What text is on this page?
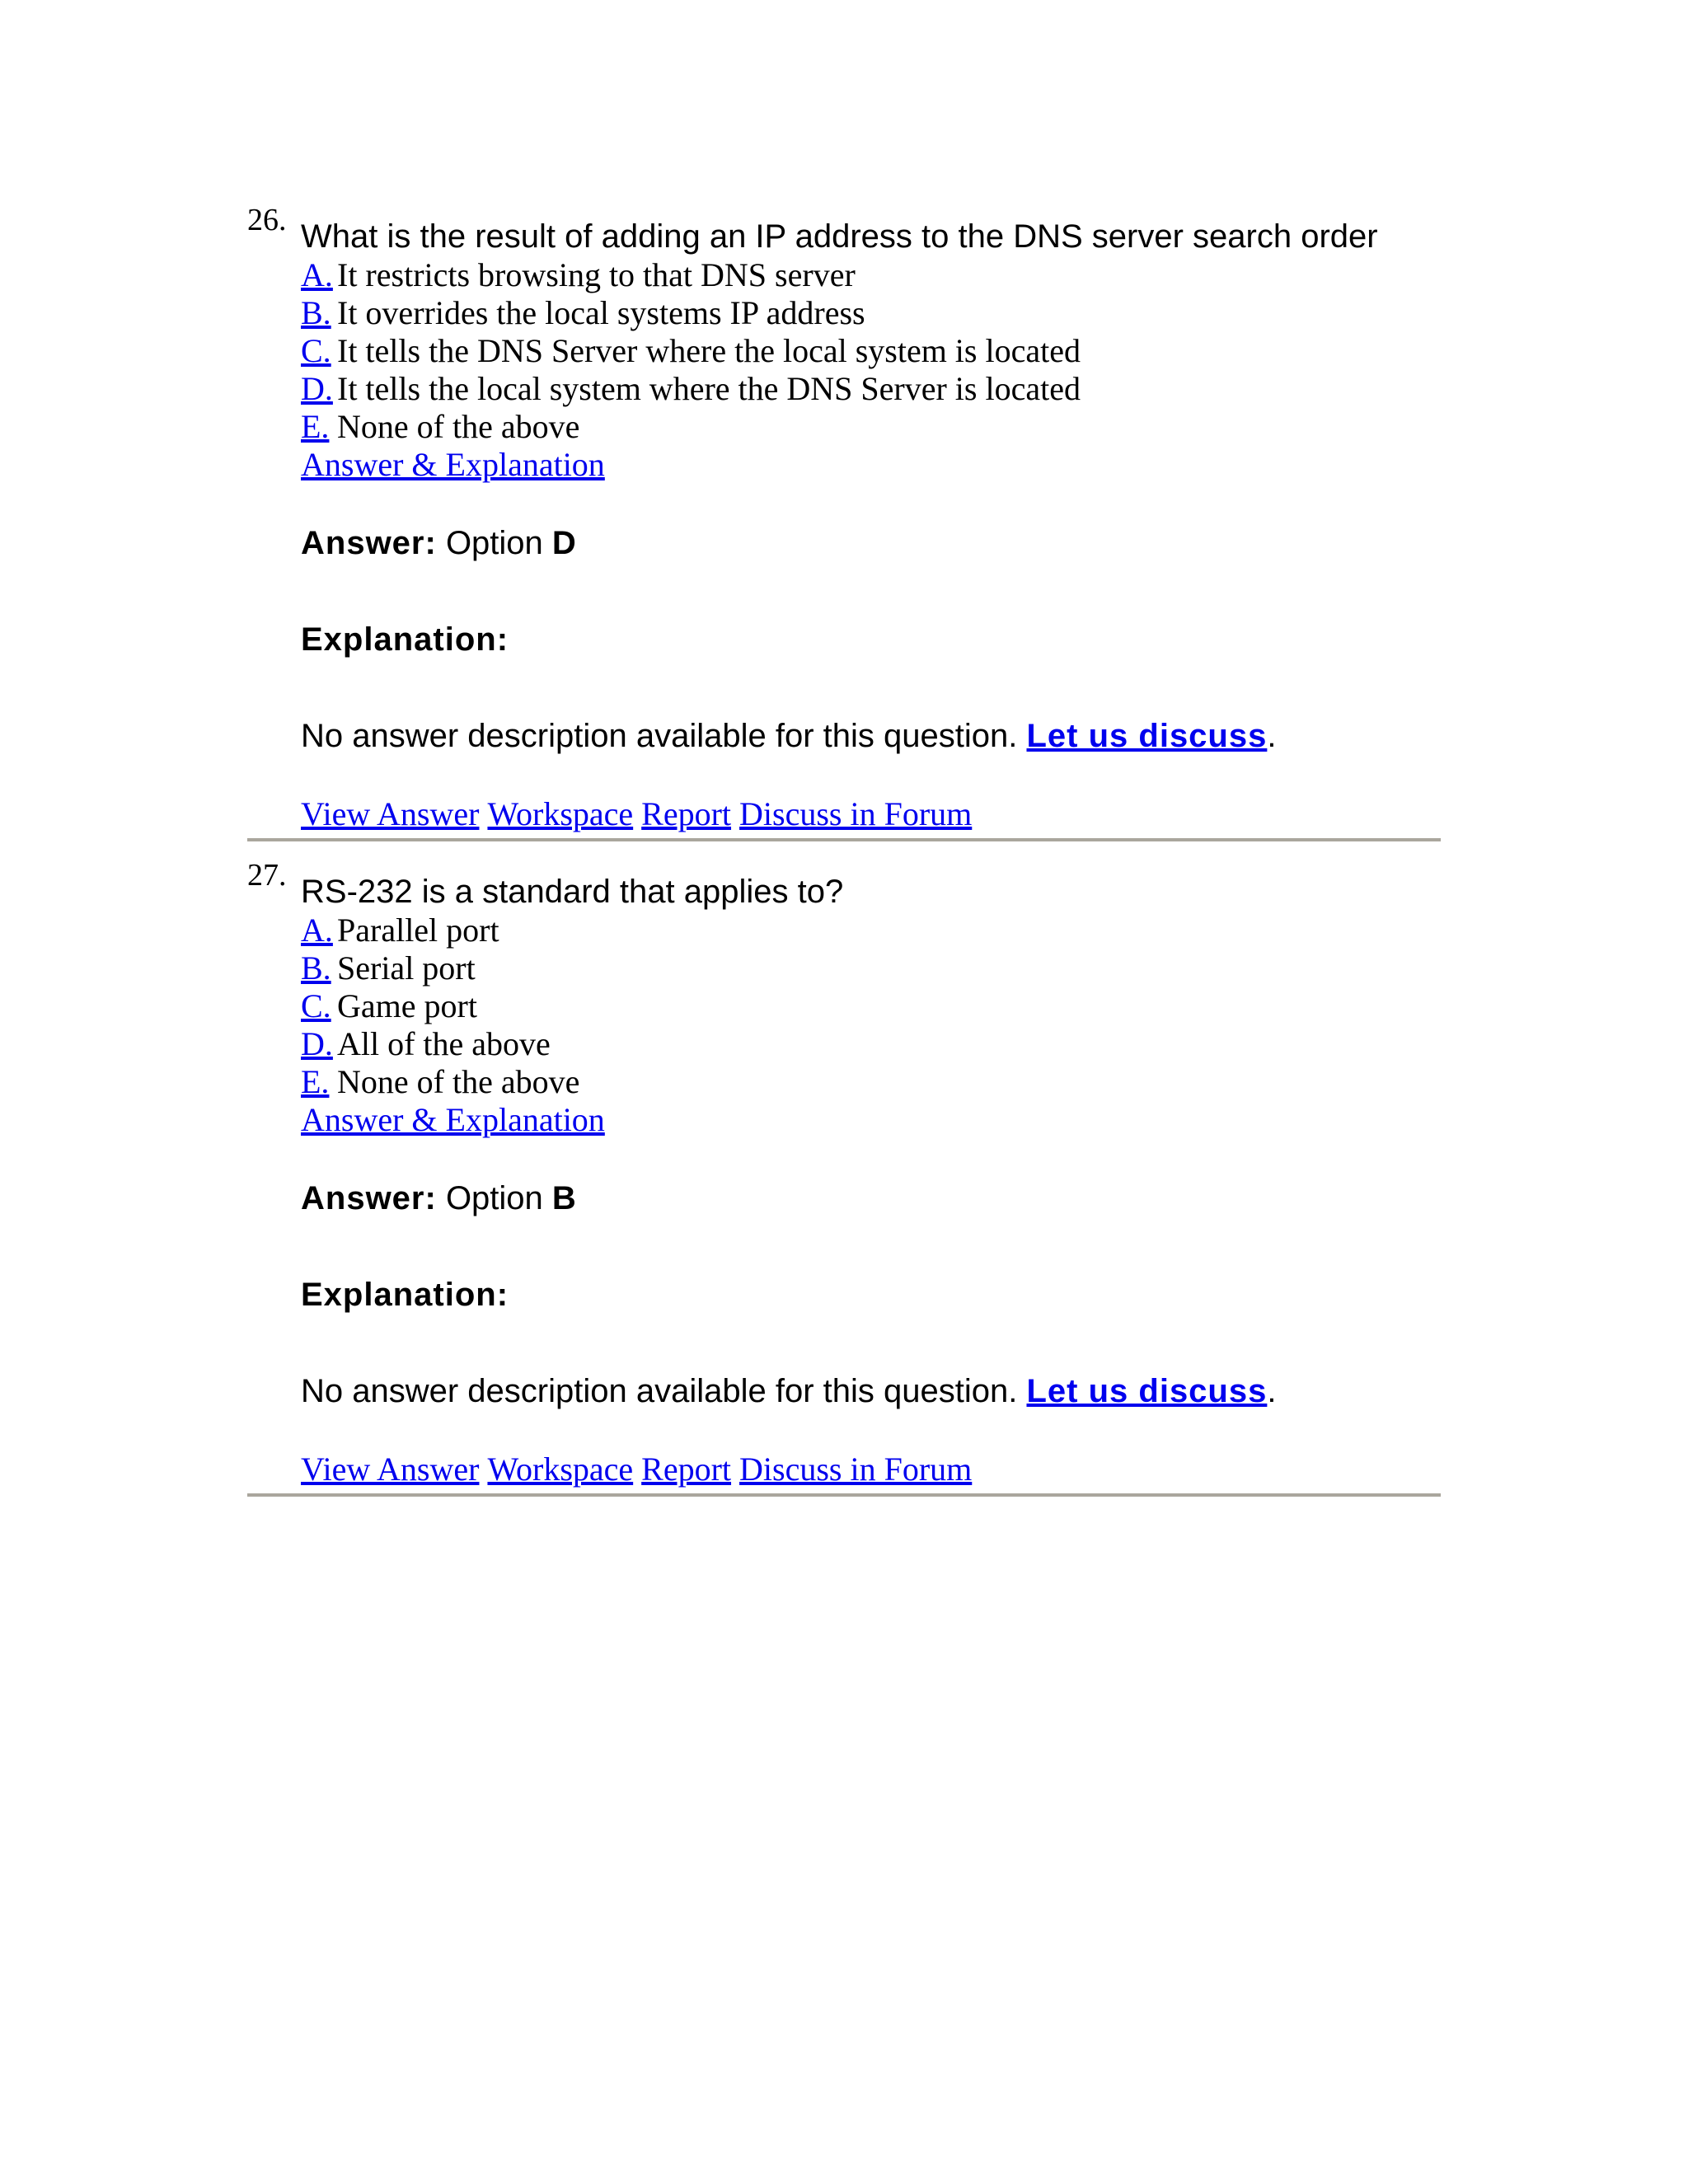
26. What is the result of adding an IP address to the DNS server search order
A. It restricts browsing to that DNS server
B. It overrides the local systems IP address
C. It tells the DNS Server where the local system is located
D. It tells the local system where the DNS Server is located
E. None of the above
Answer & Explanation
Answer: Option D
Explanation:
No answer description available for this question. Let us discuss.
View Answer Workspace Report Discuss in Forum
27. RS-232 is a standard that applies to?
A. Parallel port
B. Serial port
C. Game port
D. All of the above
E. None of the above
Answer & Explanation
Answer: Option B
Explanation:
No answer description available for this question. Let us discuss.
View Answer Workspace Report Discuss in Forum
